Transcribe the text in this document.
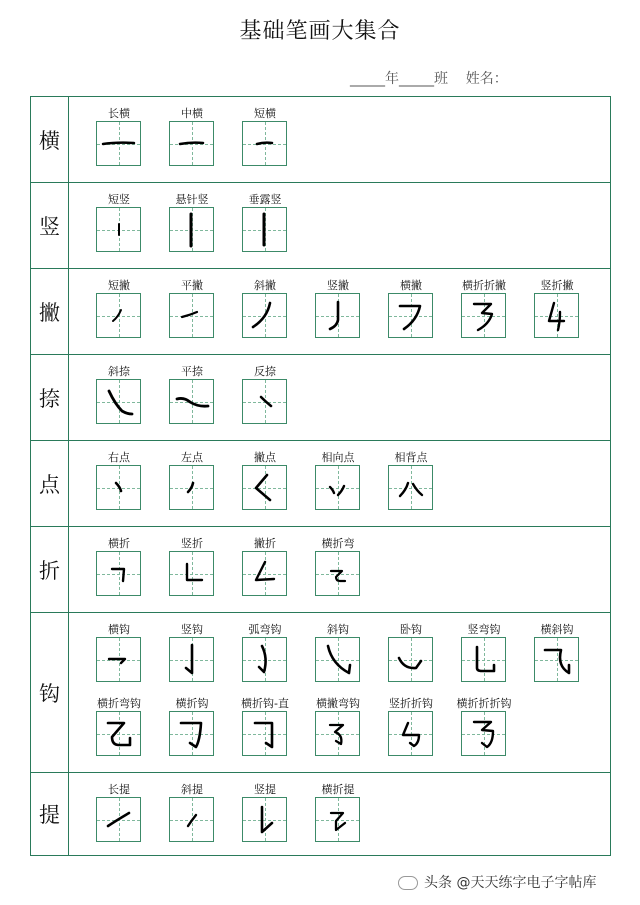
基础笔画大集合
_____年_____班    姓名：
横
长横	中横	短横
竖
短竖	悬针竖	垂露竖
撇
短撇	平撇	斜撇	竖撇	横撇	横折折撇	竖折撇
捺
斜捺	平捺	反捺
点
右点	左点	撇点	相向点	相背点
折
横折	竖折	撇折	横折弯
钩
横钩	竖钩	弧弯钩	斜钩	卧钩	竖弯钩	横斜钩
横折弯钩	横折钩	横折钩-直	横撇弯钩	竖折折钩	横折折折钩
提
长提	斜提	竖提	横折提
头条 @天天练字电子字帖库
